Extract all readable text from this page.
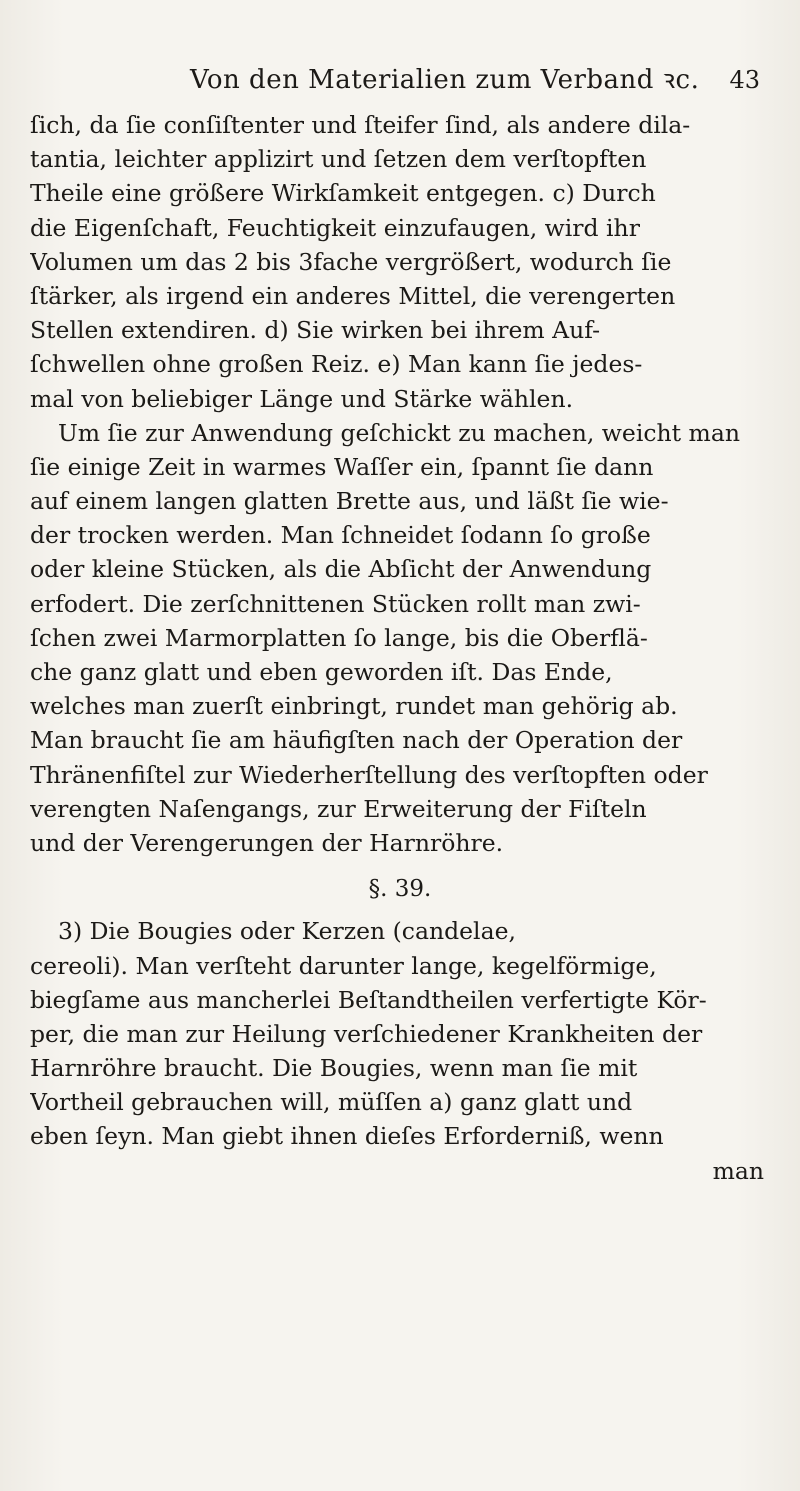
Von den Materialien zum Verband ꝛc. 43
ſich, da ſie conſiſtenter und ſteifer ſind, als andere dila-
tantia, leichter applizirt und ſetzen dem verſtopften
Theile eine größere Wirkſamkeit entgegen. c) Durch
die Eigenſchaft, Feuchtigkeit einzufaugen, wird ihr
Volumen um das 2 bis 3fache vergrößert, wodurch ſie
ſtärker, als irgend ein anderes Mittel, die verengerten
Stellen extendiren. d) Sie wirken bei ihrem Auf-
ſchwellen ohne großen Reiz. e) Man kann ſie jedes-
mal von beliebiger Länge und Stärke wählen.
Um ſie zur Anwendung geſchickt zu machen, weicht man
ſie einige Zeit in warmes Waſſer ein, ſpannt ſie dann
auf einem langen glatten Brette aus, und läßt ſie wie-
der trocken werden. Man ſchneidet ſodann ſo große
oder kleine Stücken, als die Abſicht der Anwendung
erfodert. Die zerſchnittenen Stücken rollt man zwi-
ſchen zwei Marmorplatten ſo lange, bis die Oberflä-
che ganz glatt und eben geworden iſt. Das Ende,
welches man zuerſt einbringt, rundet man gehörig ab.
Man braucht ſie am häufigſten nach der Operation der
Thränenfiſtel zur Wiederherſtellung des verſtopften oder
verengten Naſengangs, zur Erweiterung der Fiſteln
und der Verengerungen der Harnröhre.
§. 39.
3) Die Bougies oder Kerzen (candelae,
cereoli). Man verſteht darunter lange, kegelförmige,
biegſame aus mancherlei Beſtandtheilen verfertigte Kör-
per, die man zur Heilung verſchiedener Krankheiten der
Harnröhre braucht. Die Bougies, wenn man ſie mit
Vortheil gebrauchen will, müſſen a) ganz glatt und
eben ſeyn. Man giebt ihnen dieſes Erforderniß, wenn
man
